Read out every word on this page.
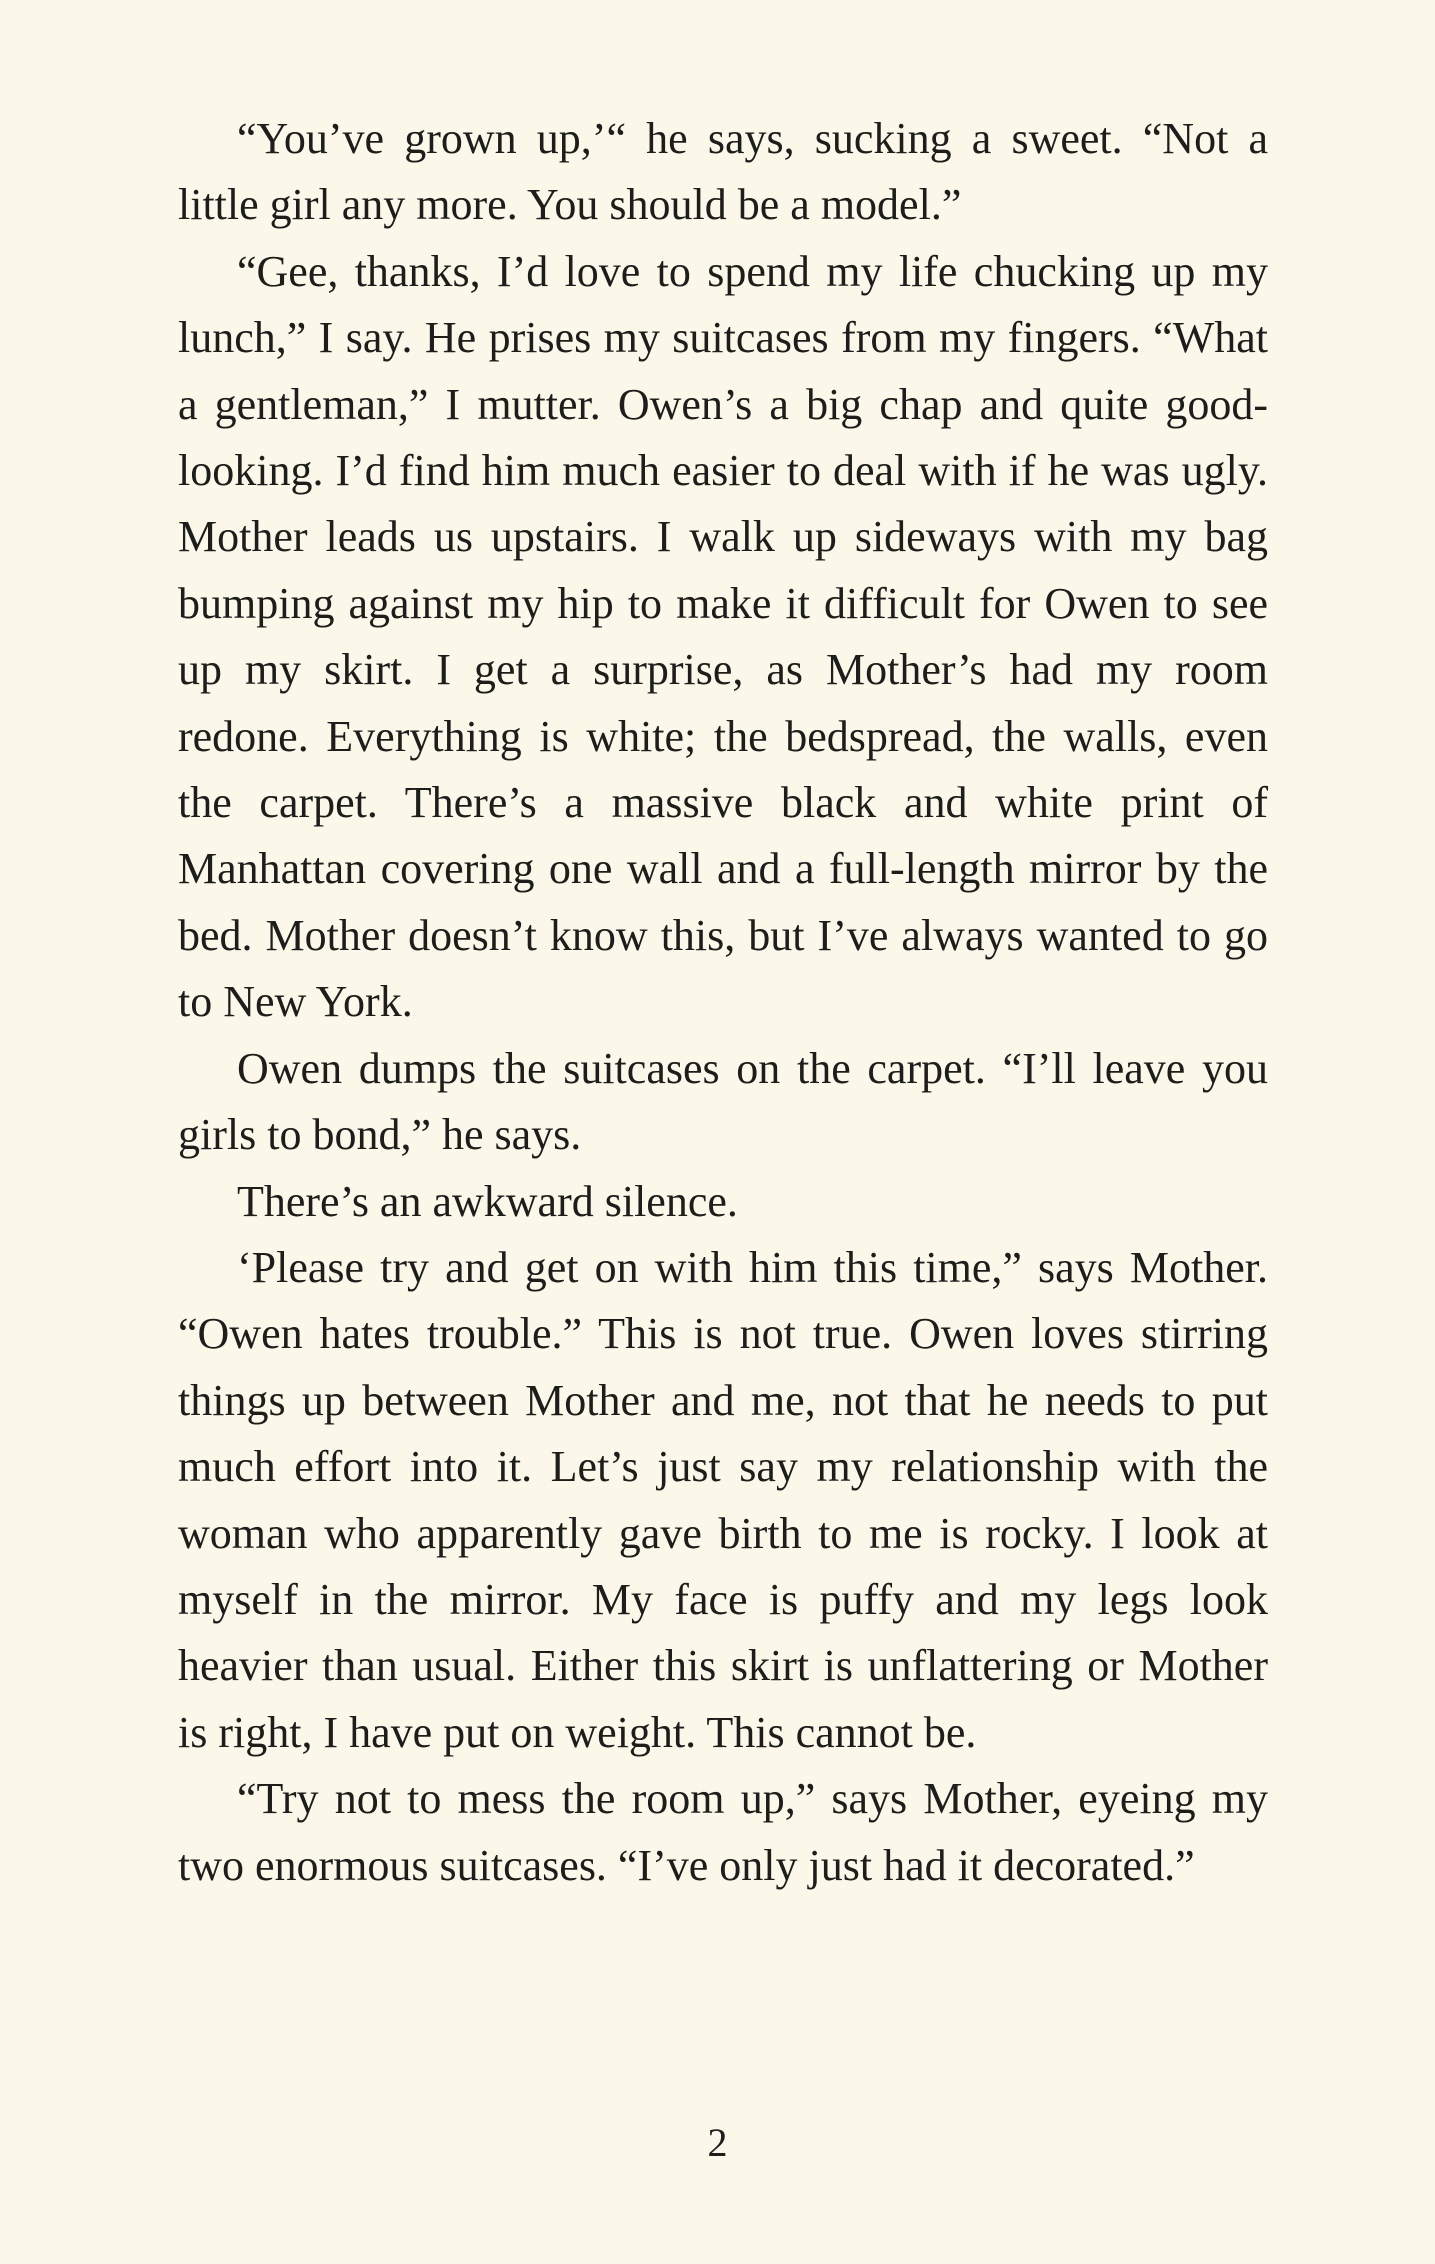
“You’ve grown up,’“ he says, sucking a sweet. “Not a little girl any more. You should be a model.”

“Gee, thanks, I’d love to spend my life chucking up my lunch,” I say. He prises my suitcases from my fingers. “What a gentleman,” I mutter. Owen’s a big chap and quite good-looking. I’d find him much easier to deal with if he was ugly. Mother leads us upstairs. I walk up sideways with my bag bumping against my hip to make it difficult for Owen to see up my skirt. I get a surprise, as Mother’s had my room redone. Everything is white; the bedspread, the walls, even the carpet. There’s a massive black and white print of Manhattan covering one wall and a full-length mirror by the bed. Mother doesn’t know this, but I’ve always wanted to go to New York.

Owen dumps the suitcases on the carpet. “I’ll leave you girls to bond,” he says.

There’s an awkward silence.

‘Please try and get on with him this time,” says Mother. “Owen hates trouble.” This is not true. Owen loves stirring things up between Mother and me, not that he needs to put much effort into it. Let’s just say my relationship with the woman who apparently gave birth to me is rocky. I look at myself in the mirror. My face is puffy and my legs look heavier than usual. Either this skirt is unflattering or Mother is right, I have put on weight. This cannot be.

“Try not to mess the room up,” says Mother, eyeing my two enormous suitcases. “I’ve only just had it decorated.”

2
